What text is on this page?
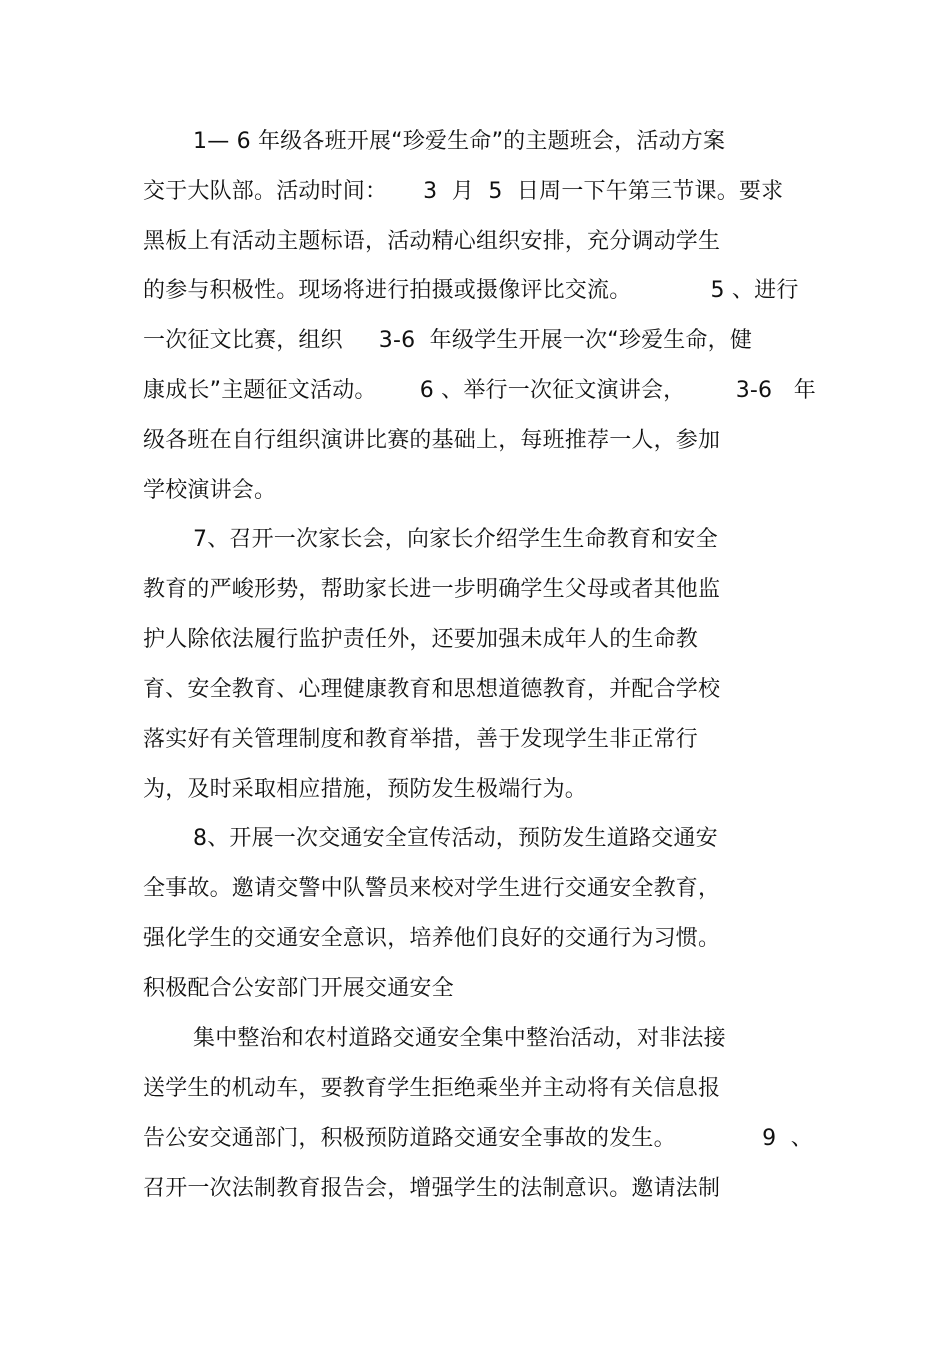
1— 6 年级各班开展“珍爱生命”的主题班会，活动方案
交于大队部。活动时间：     3  月  5  日周一下午第三节课。要求
黑板上有活动主题标语，活动精心组织安排，充分调动学生
的参与积极性。现场将进行拍摄或摄像评比交流。           5 、进行
一次征文比赛，组织     3-6  年级学生开展一次“珍爱生命，健
康成长”主题征文活动。      6 、举行一次征文演讲会，       3-6   年
级各班在自行组织演讲比赛的基础上，每班推荐一人，参加
学校演讲会。
7、召开一次家长会，向家长介绍学生生命教育和安全
教育的严峻形势，帮助家长进一步明确学生父母或者其他监
护人除依法履行监护责任外，还要加强未成年人的生命教
育、安全教育、心理健康教育和思想道德教育，并配合学校
落实好有关管理制度和教育举措，善于发现学生非正常行
为，及时采取相应措施，预防发生极端行为。
8、开展一次交通安全宣传活动，预防发生道路交通安
全事故。邀请交警中队警员来校对学生进行交通安全教育，
强化学生的交通安全意识，培养他们良好的交通行为习惯。
积极配合公安部门开展交通安全
集中整治和农村道路交通安全集中整治活动，对非法接
送学生的机动车，要教育学生拒绝乘坐并主动将有关信息报
告公安交通部门，积极预防道路交通安全事故的发生。            9  、
召开一次法制教育报告会，增强学生的法制意识。邀请法制
